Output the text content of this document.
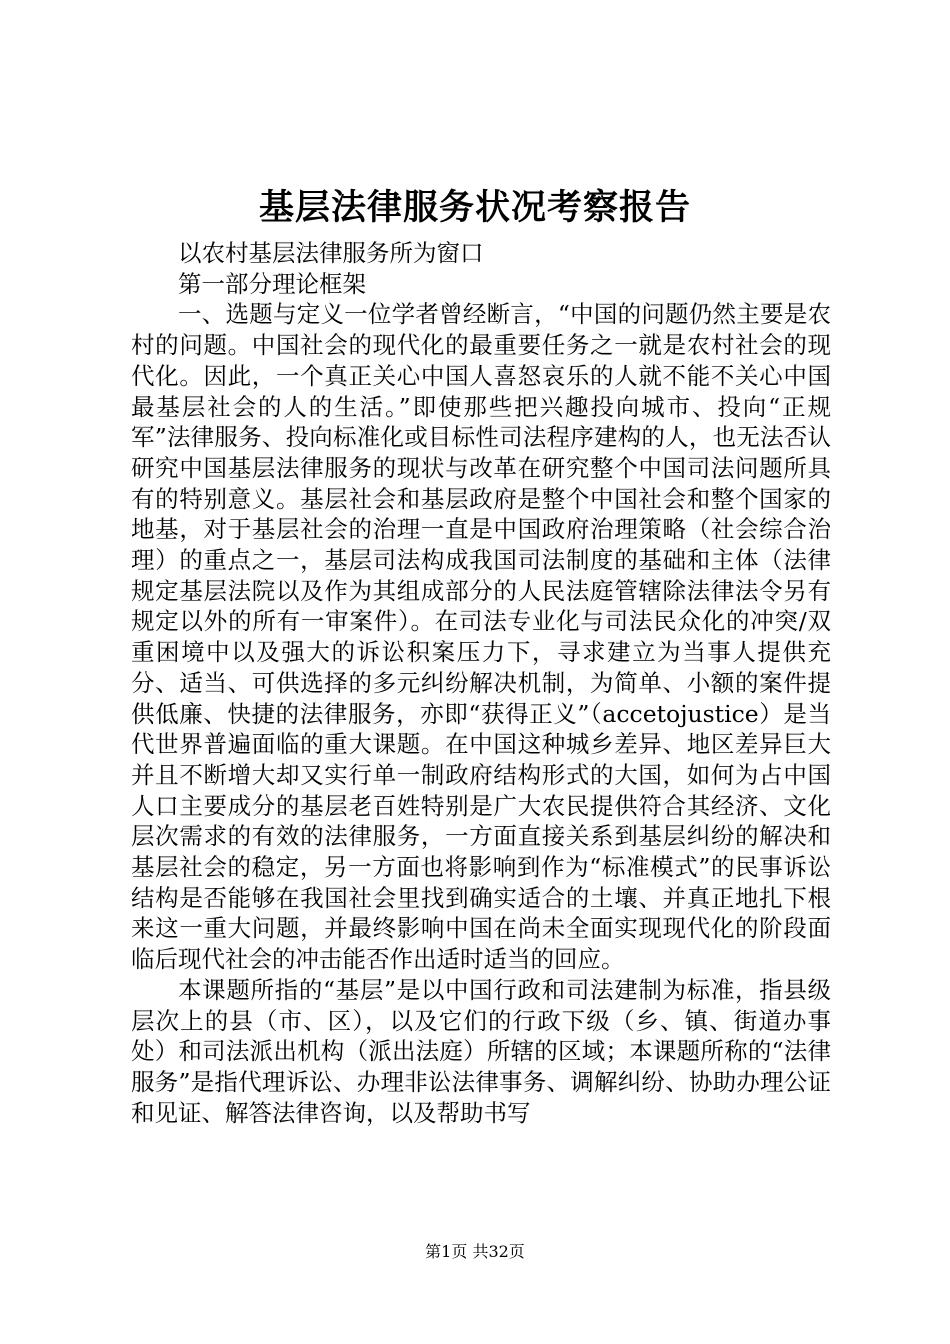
基层法律服务状况考察报告

以农村基层法律服务所为窗口

第一部分理论框架

一、选题与定义一位学者曾经断言，“中国的问题仍然主要是农村的问题。中国社会的现代化的最重要任务之一就是农村社会的现代化。因此，一个真正关心中国人喜怒哀乐的人就不能不关心中国最基层社会的人的生活。”即使那些把兴趣投向城市、投向“正规军”法律服务、投向标准化或目标性司法程序建构的人，也无法否认研究中国基层法律服务的现状与改革在研究整个中国司法问题所具有的特别意义。基层社会和基层政府是整个中国社会和整个国家的地基，对于基层社会的治理一直是中国政府治理策略（社会综合治理）的重点之一，基层司法构成我国司法制度的基础和主体（法律规定基层法院以及作为其组成部分的人民法庭管辖除法律法令另有规定以外的所有一审案件）。在司法专业化与司法民众化的冲突/双重困境中以及强大的诉讼积案压力下，寻求建立为当事人提供充分、适当、可供选择的多元纠纷解决机制，为简单、小额的案件提供低廉、快捷的法律服务，亦即“获得正义”（accetojustice）是当代世界普遍面临的重大课题。在中国这种城乡差异、地区差异巨大并且不断增大却又实行单一制政府结构形式的大国，如何为占中国人口主要成分的基层老百姓特别是广大农民提供符合其经济、文化层次需求的有效的法律服务，一方面直接关系到基层纠纷的解决和基层社会的稳定，另一方面也将影响到作为“标准模式”的民事诉讼结构是否能够在我国社会里找到确实适合的土壤、并真正地扎下根来这一重大问题，并最终影响中国在尚未全面实现现代化的阶段面临后现代社会的冲击能否作出适时适当的回应。

本课题所指的“基层”是以中国行政和司法建制为标准，指县级层次上的县（市、区），以及它们的行政下级（乡、镇、街道办事处）和司法派出机构（派出法庭）所辖的区域；本课题所称的“法律服务”是指代理诉讼、办理非讼法律事务、调解纠纷、协助办理公证和见证、解答法律咨询，以及帮助书写

第1页 共32页
